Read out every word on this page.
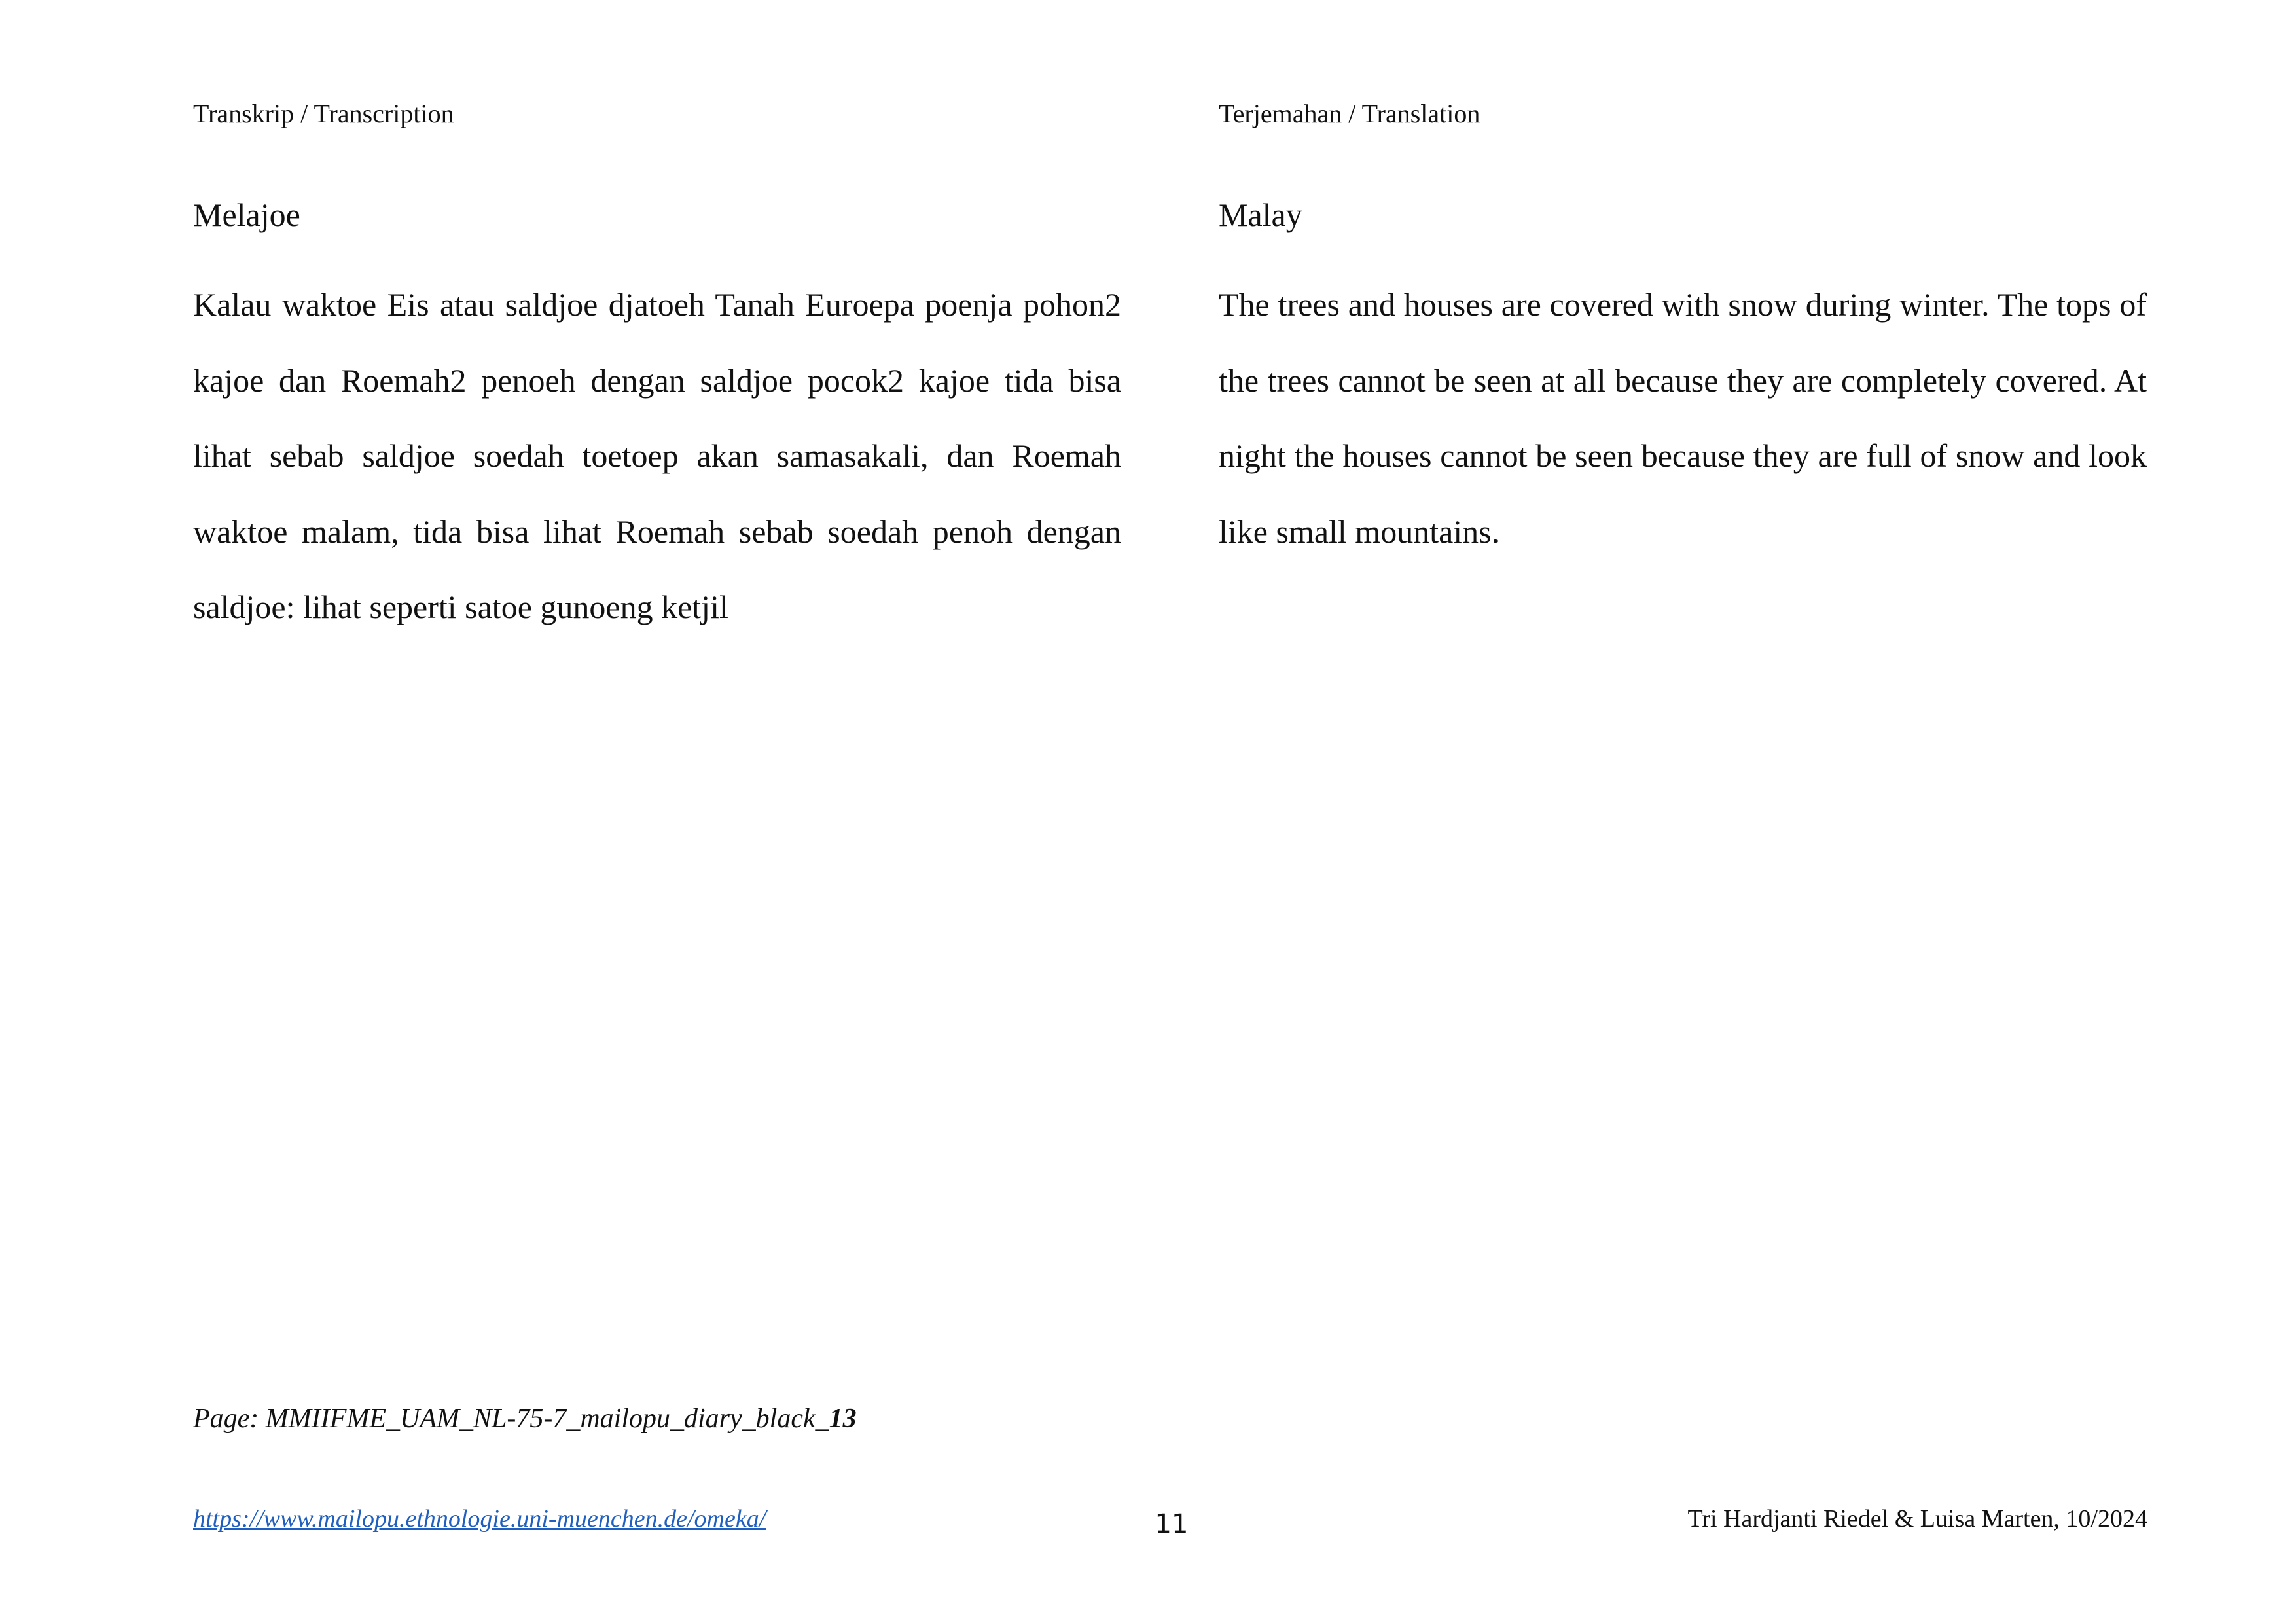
Transkrip / Transcription
Melajoe

Kalau waktoe Eis atau saldjoe djatoeh Tanah Euroepa poenja pohon2 kajoe dan Roemah2 penoeh dengan saldjoe pocok2 kajoe tida bisa lihat sebab saldjoe soedah toetoep akan samasakali, dan Roemah waktoe malam, tida bisa lihat Roemah sebab soedah penoh dengan saldjoe: lihat seperti satoe gunoeng ketjil

Terjemahan / Translation
Malay

The trees and houses are covered with snow during winter. The tops of the trees cannot be seen at all because they are completely covered. At night the houses cannot be seen because they are full of snow and look like small mountains.

Page: MMIIFME_UAM_NL-75-7_mailopu_diary_black_13
https://www.mailopu.ethnologie.uni-muenchen.de/omeka/	11	Tri Hardjanti Riedel & Luisa Marten, 10/2024
